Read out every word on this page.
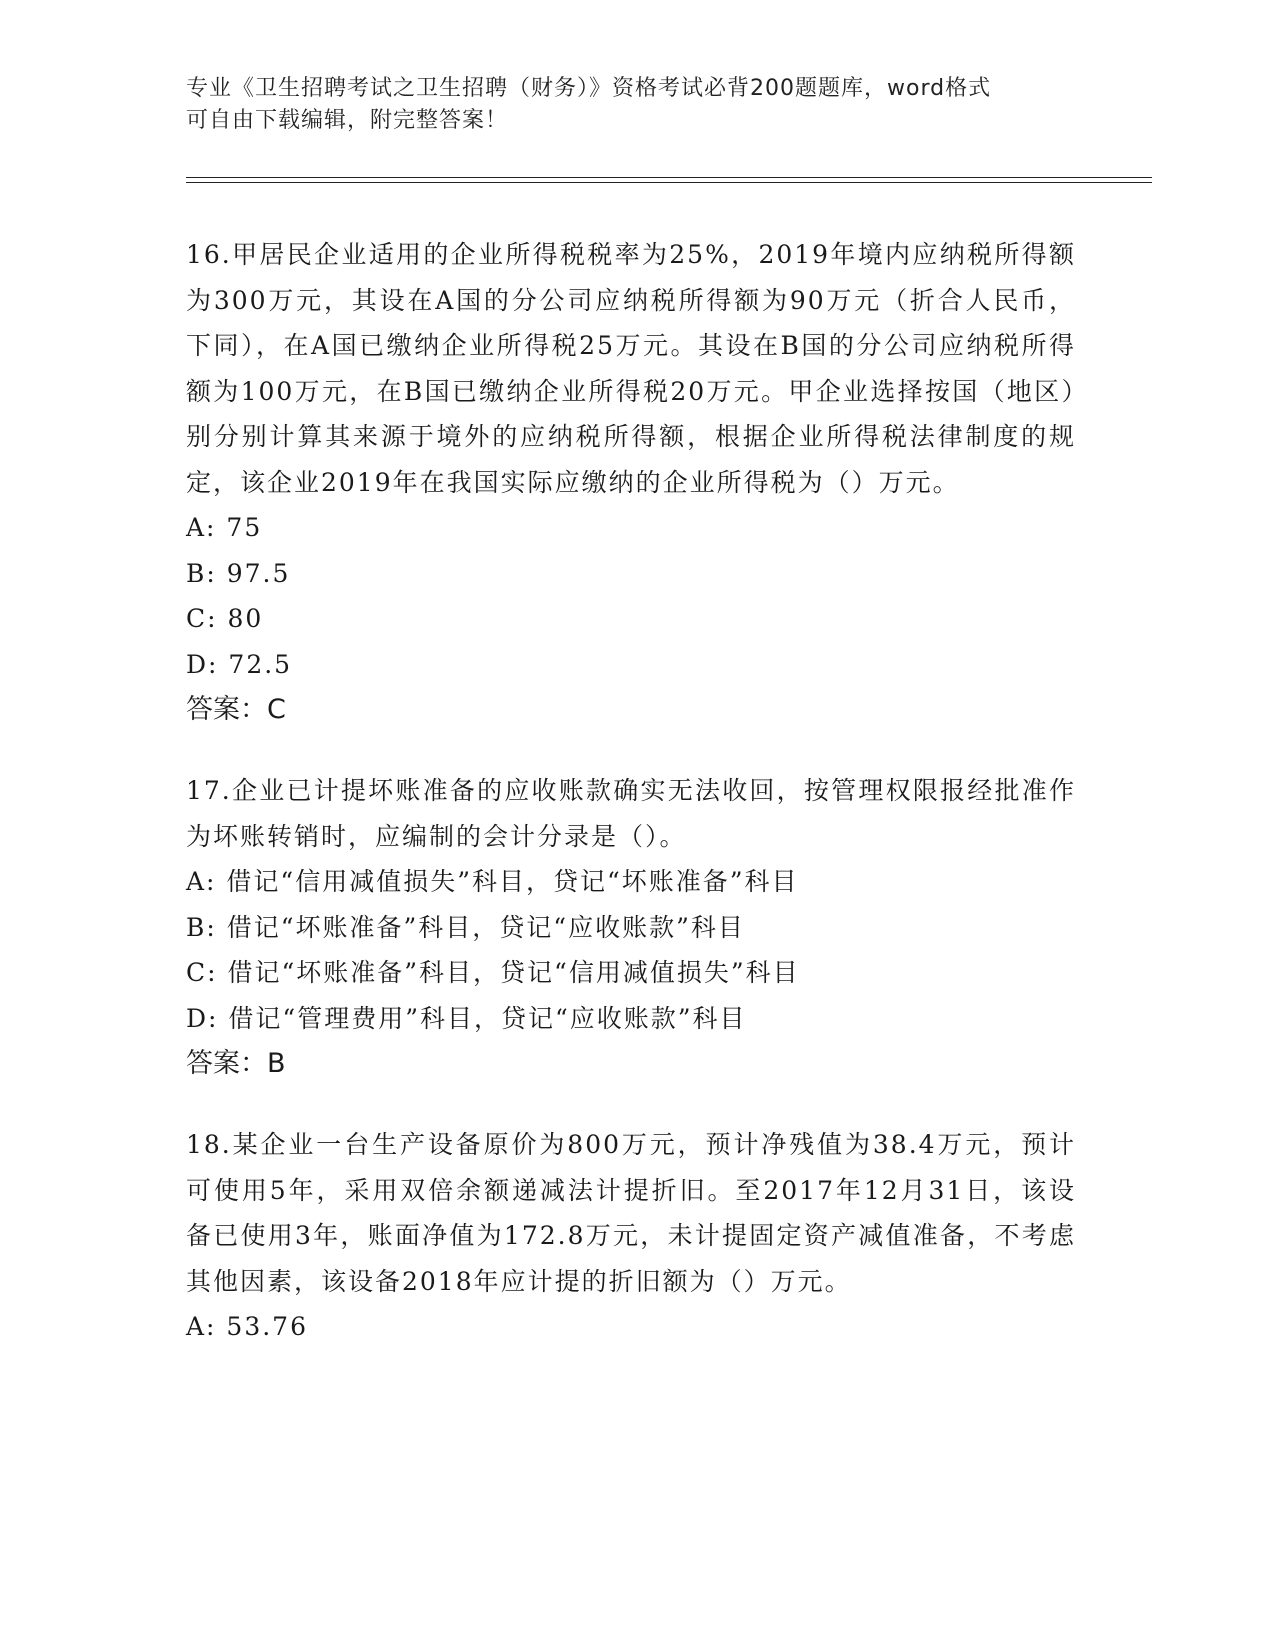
专业《卫生招聘考试之卫生招聘（财务）》资格考试必背200题题库，word格式
可自由下载编辑，附完整答案！

16.甲居民企业适用的企业所得税税率为25%，2019年境内应纳税所得额为300万元，其设在A国的分公司应纳税所得额为90万元（折合人民币，下同），在A国已缴纳企业所得税25万元。其设在B国的分公司应纳税所得额为100万元，在B国已缴纳企业所得税20万元。甲企业选择按国（地区）别分别计算其来源于境外的应纳税所得额，根据企业所得税法律制度的规定，该企业2019年在我国实际应缴纳的企业所得税为（）万元。

A: 75

B: 97.5

C: 80

D: 72.5

答案：C

17.企业已计提坏账准备的应收账款确实无法收回，按管理权限报经批准作为坏账转销时，应编制的会计分录是（）。

A: 借记“信用减值损失”科目，贷记“坏账准备”科目

B: 借记“坏账准备”科目，贷记“应收账款”科目

C: 借记“坏账准备”科目，贷记“信用减值损失”科目

D: 借记“管理费用”科目，贷记“应收账款”科目

答案：B

18.某企业一台生产设备原价为800万元，预计净残值为38.4万元，预计可使用5年，采用双倍余额递减法计提折旧。至2017年12月31日，该设备已使用3年，账面净值为172.8万元，未计提固定资产减值准备，不考虑其他因素，该设备2018年应计提的折旧额为（）万元。

A: 53.76
